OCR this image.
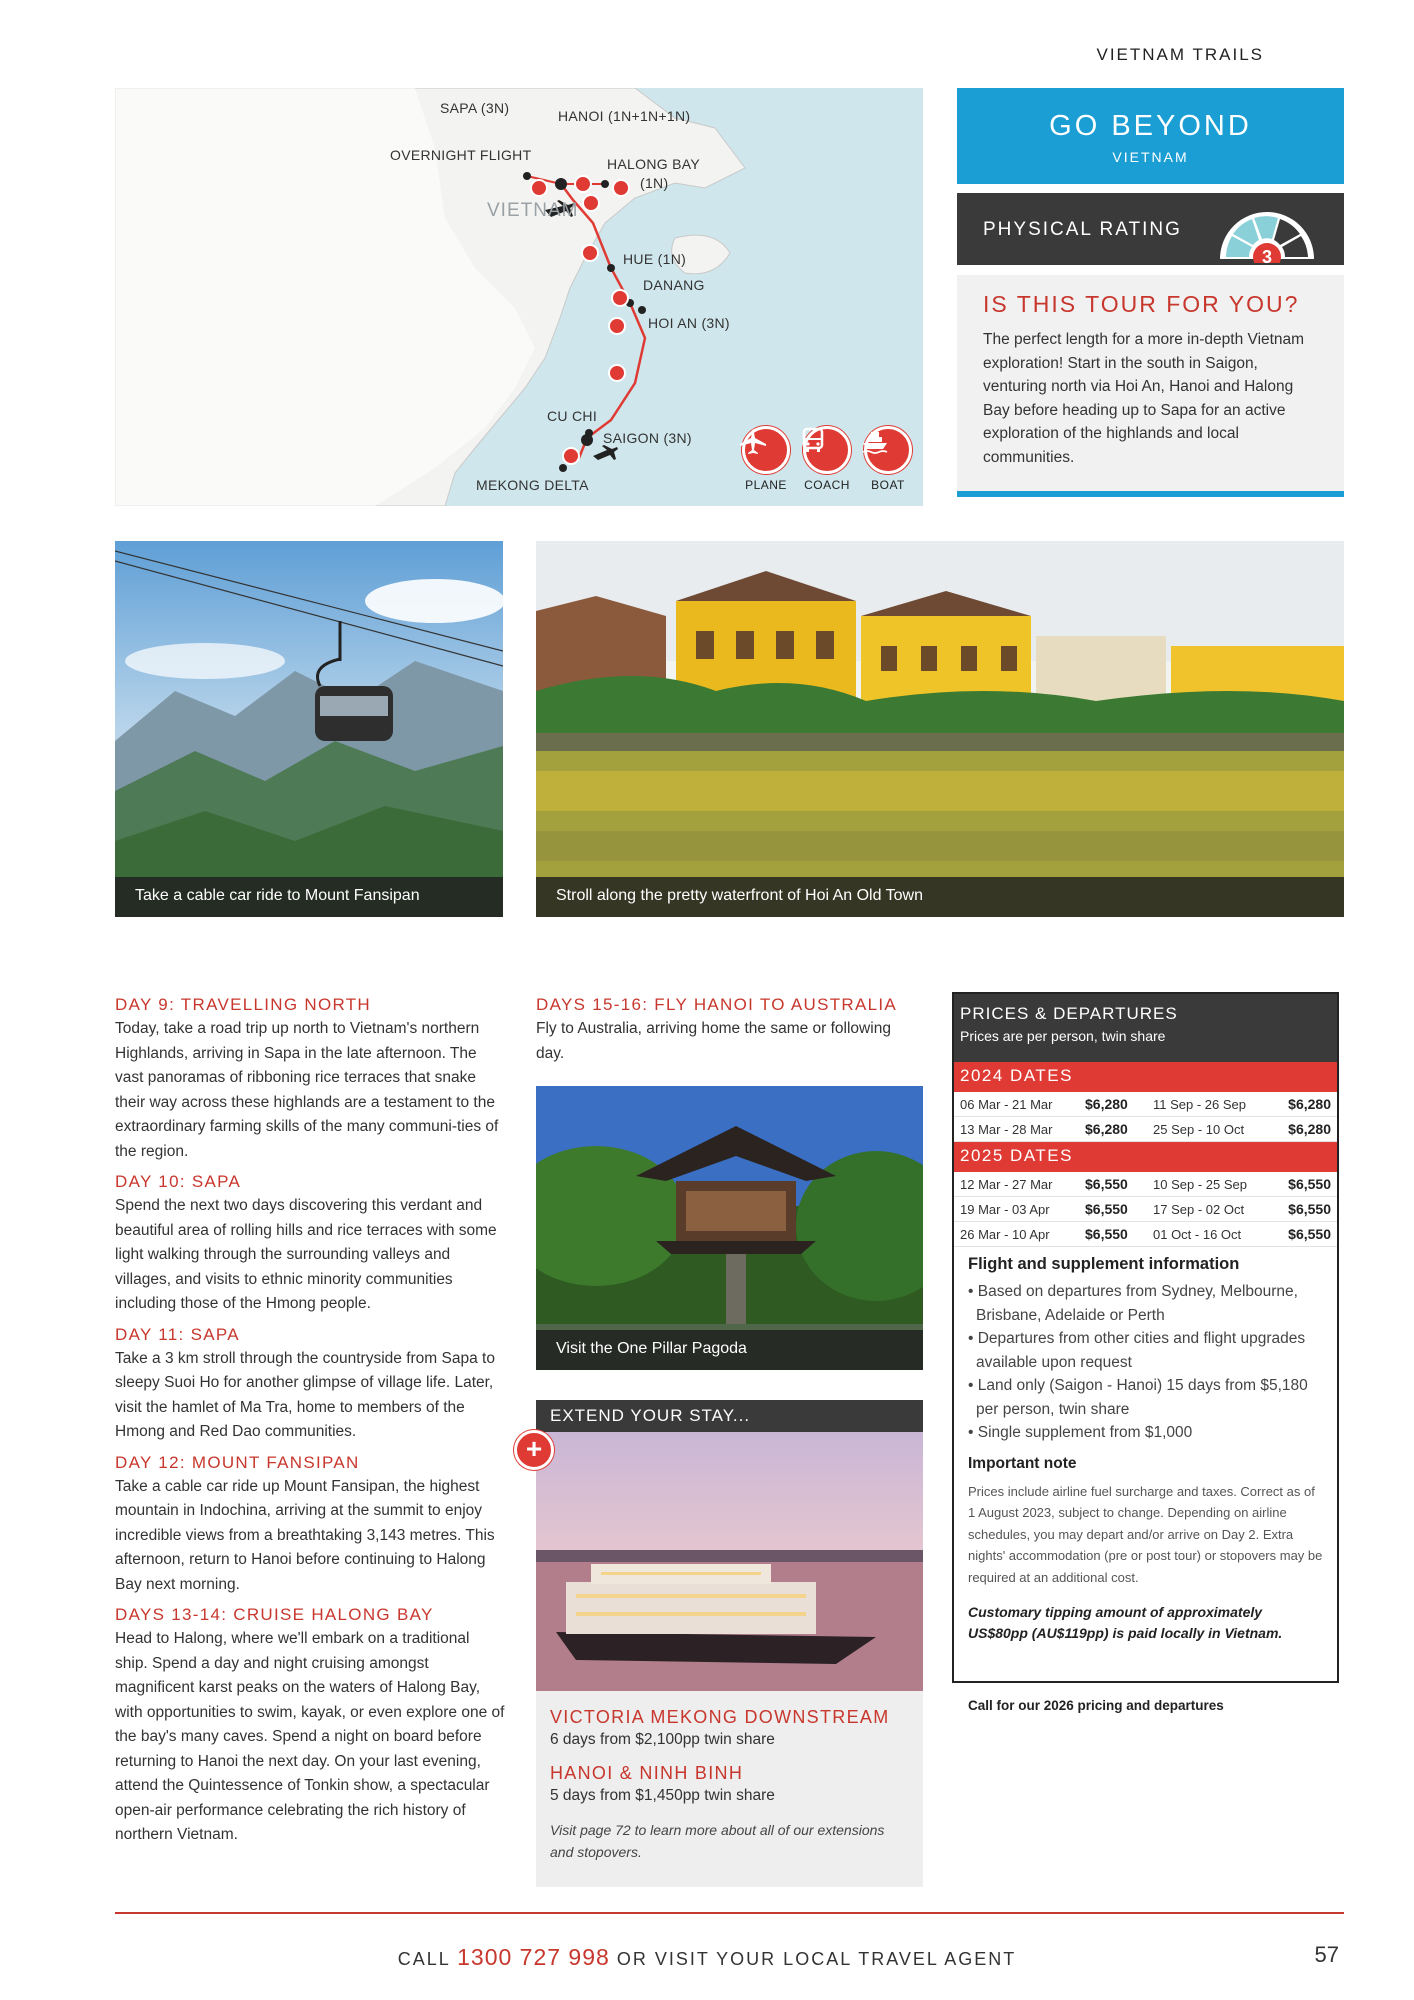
VIETNAM TRAILS
SAPA (3N)	HANOI (1N+1N+1N)
OVERNIGHT FLIGHT
HALONG BAY
(1N)
VIETNAM
HUE (1N)
DANANG
HOI AN (3N)
CU CHI
SAIGON (3N)
MEKONG DELTA	PLANE	COACH	BOAT
GO BEYOND
VIETNAM
PHYSICAL RATING
3
IS THIS TOUR FOR YOU?

The perfect length for a more in-depth Vietnam exploration! Start in the south in Saigon, venturing north via Hoi An, Hanoi and Halong Bay before heading up to Sapa for an active exploration of the highlands and local communities.

Take a cable car ride to Mount Fansipan	Stroll along the pretty waterfront of Hoi An Old Town
DAY 9: TRAVELLING NORTH
Today, take a road trip up north to Vietnam's northern Highlands, arriving in Sapa in the late afternoon. The vast panoramas of ribboning rice terraces that snake their way across these highlands are a testament to the extraordinary farming skills of the many communi-ties of the region.
DAY 10: SAPA
Spend the next two days discovering this verdant and beautiful area of rolling hills and rice terraces with some light walking through the surrounding valleys and villages, and visits to ethnic minority communities including those of the Hmong people.
DAY 11: SAPA
Take a 3 km stroll through the countryside from Sapa to sleepy Suoi Ho for another glimpse of village life. Later, visit the hamlet of Ma Tra, home to members of the Hmong and Red Dao communities.
DAY 12: MOUNT FANSIPAN
Take a cable car ride up Mount Fansipan, the highest mountain in Indochina, arriving at the summit to enjoy incredible views from a breathtaking 3,143 metres. This afternoon, return to Hanoi before continuing to Halong Bay next morning.
DAYS 13-14: CRUISE HALONG BAY
Head to Halong, where we'll embark on a traditional ship. Spend a day and night cruising amongst magnificent karst peaks on the waters of Halong Bay, with opportunities to swim, kayak, or even explore one of the bay's many caves. Spend a night on board before returning to Hanoi the next day. On your last evening, attend the Quintessence of Tonkin show, a spectacular open-air performance celebrating the rich history of northern Vietnam.
DAYS 15-16: FLY HANOI TO AUSTRALIA
Fly to Australia, arriving home the same or following day.
Visit the One Pillar Pagoda
EXTEND YOUR STAY...
+
VICTORIA MEKONG DOWNSTREAM
6 days from $2,100pp twin share
HANOI & NINH BINH
5 days from $1,450pp twin share
Visit page 72 to learn more about all of our extensions and stopovers.
PRICES & DEPARTURES
Prices are per person, twin share
2024 DATES
06 Mar - 21 Mar	$6,280	11 Sep - 26 Sep	$6,280
13 Mar - 28 Mar	$6,280	25 Sep - 10 Oct	$6,280
2025 DATES
12 Mar - 27 Mar	$6,550	10 Sep - 25 Sep	$6,550
19 Mar - 03 Apr	$6,550	17 Sep - 02 Oct	$6,550
26 Mar - 10 Apr	$6,550	01 Oct - 16 Oct	$6,550
Flight and supplement information
• Based on departures from Sydney, Melbourne, Brisbane, Adelaide or Perth
• Departures from other cities and flight upgrades available upon request
• Land only (Saigon - Hanoi) 15 days from $5,180 per person, twin share
• Single supplement from $1,000
Important note
Prices include airline fuel surcharge and taxes. Correct as of 1 August 2023, subject to change. Depending on airline schedules, you may depart and/or arrive on Day 2. Extra nights' accommodation (pre or post tour) or stopovers may be required at an additional cost.
Customary tipping amount of approximately US$80pp (AU$119pp) is paid locally in Vietnam.
Call for our 2026 pricing and departures
CALL 1300 727 998 OR VISIT YOUR LOCAL TRAVEL AGENT	57
